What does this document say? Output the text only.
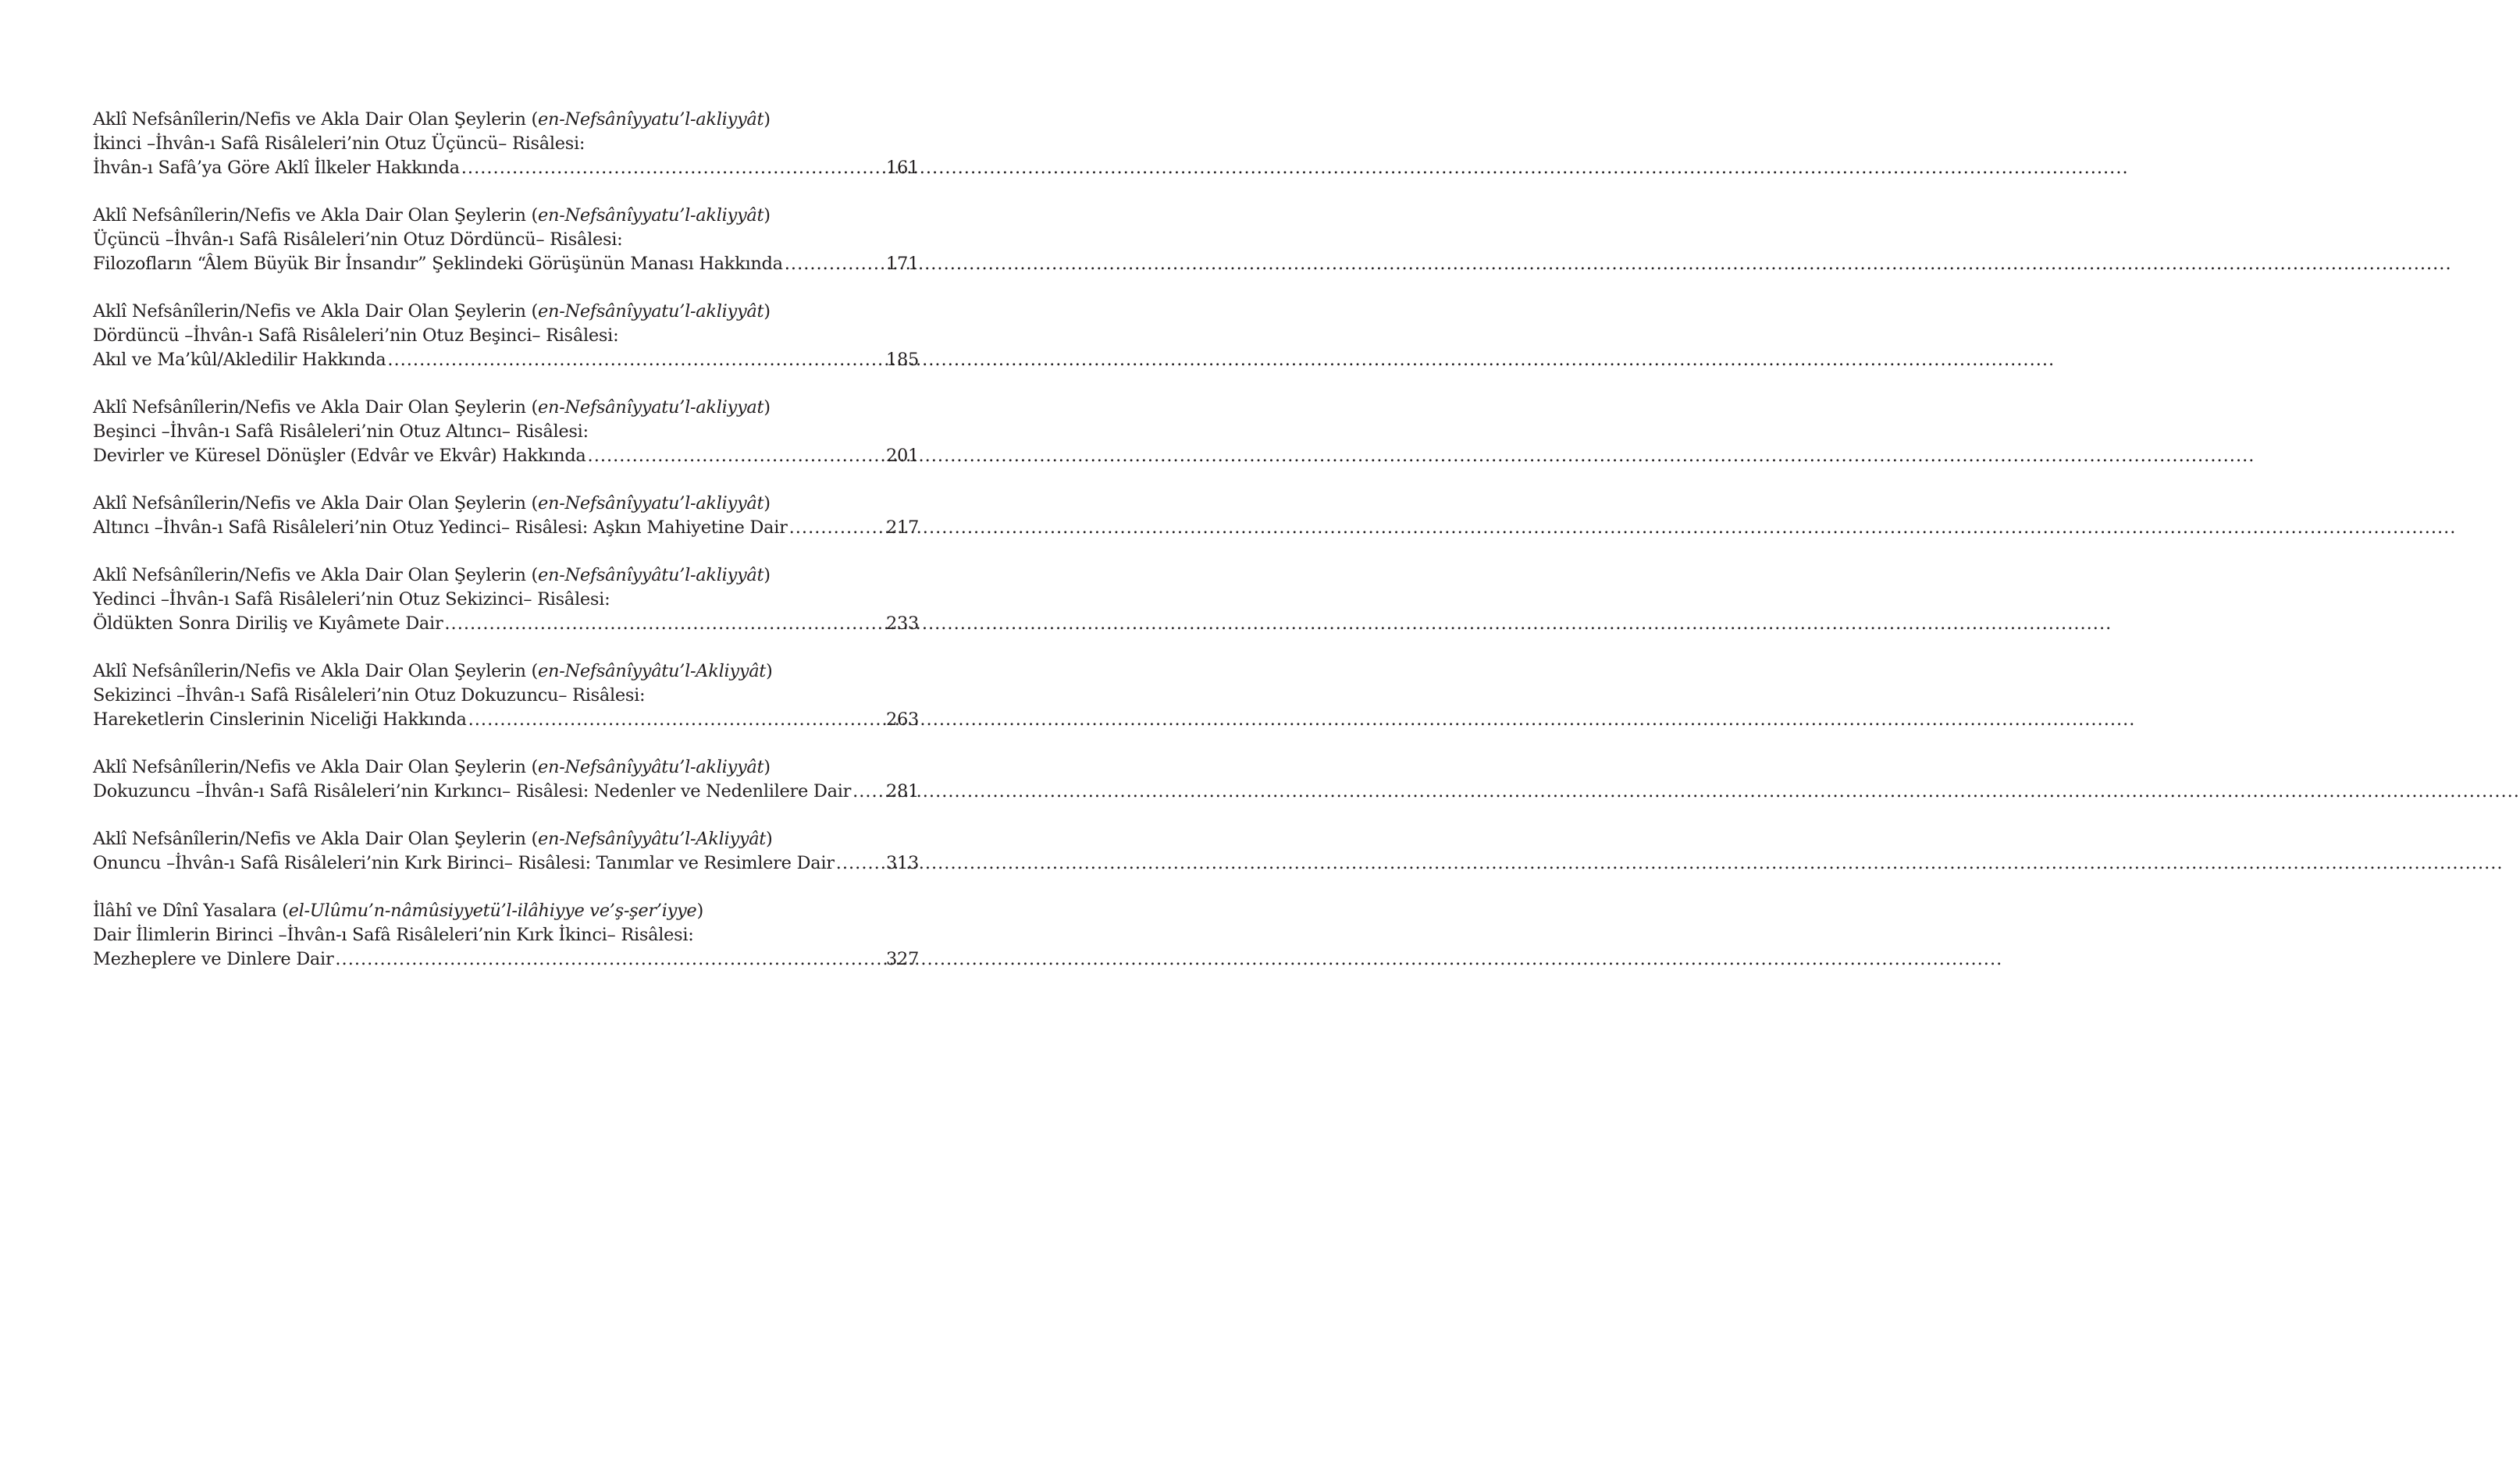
Aklî Nefsânîlerin/Nefis ve Akla Dair Olan Şeylerin (en-Nefsânîyyatu’l-akliyyât)
İkinci –İhvân-ı Safâ Risâleleri’nin Otuz Üçüncü– Risâlesi:
İhvân-ı Safâ’ya Göre Aklî İlkeler Hakkında .....	161
Aklî Nefsânîlerin/Nefis ve Akla Dair Olan Şeylerin (en-Nefsânîyyatu’l-akliyyât)
Üçüncü –İhvân-ı Safâ Risâleleri’nin Otuz Dördüncü– Risâlesi:
Filozofların “Âlem Büyük Bir İnsandır” Şeklindeki Görüşünün Manası Hakkında .....	171
Aklî Nefsânîlerin/Nefis ve Akla Dair Olan Şeylerin (en-Nefsânîyyatu’l-akliyyât)
Dördüncü –İhvân-ı Safâ Risâleleri’nin Otuz Beşinci– Risâlesi:
Akıl ve Ma’kûl/Akledilir Hakkında .....	185
Aklî Nefsânîlerin/Nefis ve Akla Dair Olan Şeylerin (en-Nefsânîyyatu’l-akliyyat)
Beşinci –İhvân-ı Safâ Risâleleri’nin Otuz Altıncı– Risâlesi:
Devirler ve Küresel Dönüşler (Edvâr ve Ekvâr) Hakkında .....	201
Aklî Nefsânîlerin/Nefis ve Akla Dair Olan Şeylerin (en-Nefsânîyyatu’l-akliyyât)
Altıncı –İhvân-ı Safâ Risâleleri’nin Otuz Yedinci– Risâlesi: Aşkın Mahiyetine Dair .....	217
Aklî Nefsânîlerin/Nefis ve Akla Dair Olan Şeylerin (en-Nefsânîyyâtu’l-akliyyât)
Yedinci –İhvân-ı Safâ Risâleleri’nin Otuz Sekizinci– Risâlesi:
Öldükten Sonra Diriliş ve Kıyâmete Dair .....	233
Aklî Nefsânîlerin/Nefis ve Akla Dair Olan Şeylerin (en-Nefsânîyyâtu’l-Akliyyât)
Sekizinci –İhvân-ı Safâ Risâleleri’nin Otuz Dokuzuncu– Risâlesi:
Hareketlerin Cinslerinin Niceliği Hakkında .....	263
Aklî Nefsânîlerin/Nefis ve Akla Dair Olan Şeylerin (en-Nefsânîyyâtu’l-akliyyât)
Dokuzuncu –İhvân-ı Safâ Risâleleri’nin Kırkıncı– Risâlesi: Nedenler ve Nedenlilere Dair ..... 281
Aklî Nefsânîlerin/Nefis ve Akla Dair Olan Şeylerin (en-Nefsânîyyâtu’l-Akliyyât)
Onuncu –İhvân-ı Safâ Risâleleri’nin Kırk Birinci– Risâlesi: Tanımlar ve Resimlere Dair .....	313
İlâhî ve Dînî Yasalara (el-Ulûmu’n-nâmûsiyyetü’l-ilâhiyye ve’ş-şer’iyye)
Dair İlimlerin Birinci –İhvân-ı Safâ Risâleleri’nin Kırk İkinci– Risâlesi:
Mezheplere ve Dinlere Dair .....	327
